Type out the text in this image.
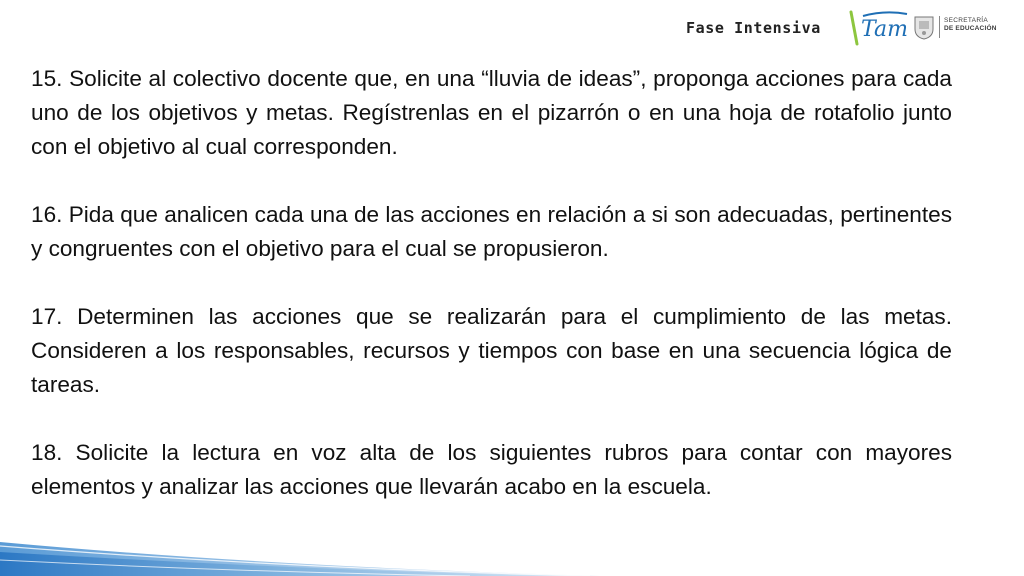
Fase Intensiva Tam	SECRETARÍA
DE EDUCACIÓN

15. Solicite al colectivo docente que, en una “lluvia de ideas”, proponga acciones para cada uno de los objetivos y metas. Regístrenlas en el pizarrón o en una hoja de rotafolio junto con el objetivo al cual corresponden.

16. Pida que analicen cada una de las acciones en relación a si son adecuadas, pertinentes y congruentes con el objetivo para el cual se propusieron.

17. Determinen las acciones que se realizarán para el cumplimiento de las metas. Consideren a los responsables, recursos y tiempos con base en una secuencia lógica de tareas.

18. Solicite la lectura en voz alta de los siguientes rubros para contar con mayores elementos y analizar las acciones que llevarán acabo en la escuela.
